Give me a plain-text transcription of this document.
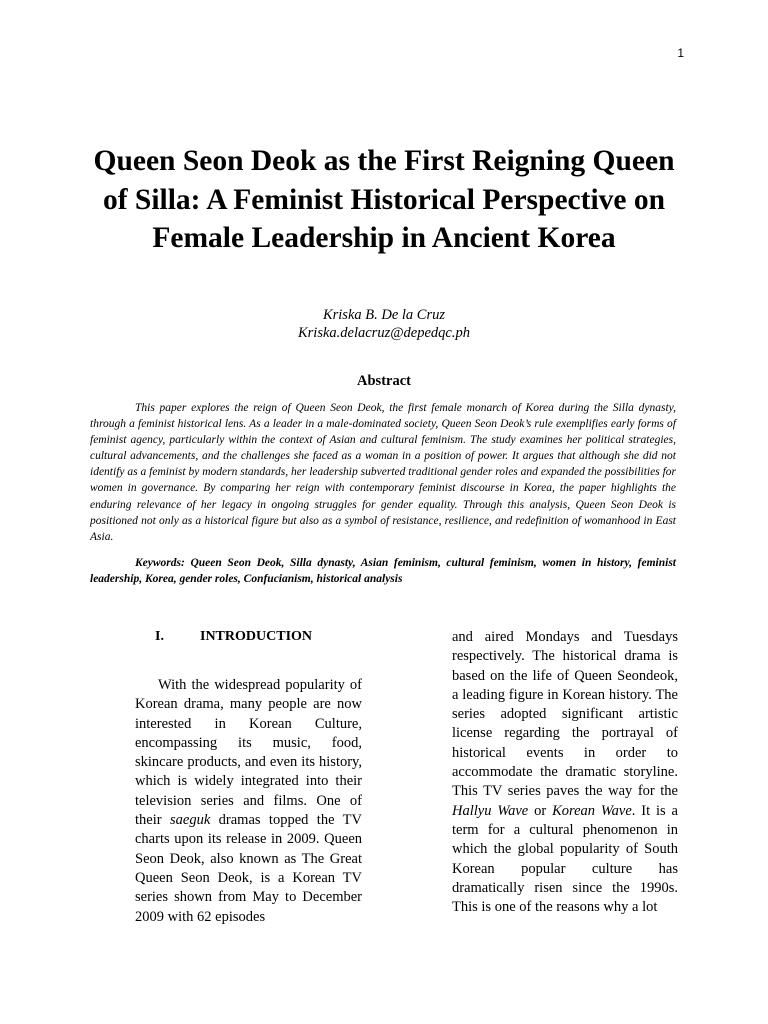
1
Queen Seon Deok as the First Reigning Queen of Silla: A Feminist Historical Perspective on Female Leadership in Ancient Korea
Kriska B. De la Cruz
Kriska.delacruz@depedqc.ph
Abstract

This paper explores the reign of Queen Seon Deok, the first female monarch of Korea during the Silla dynasty, through a feminist historical lens. As a leader in a male-dominated society, Queen Seon Deok’s rule exemplifies early forms of feminist agency, particularly within the context of Asian and cultural feminism. The study examines her political strategies, cultural advancements, and the challenges she faced as a woman in a position of power. It argues that although she did not identify as a feminist by modern standards, her leadership subverted traditional gender roles and expanded the possibilities for women in governance. By comparing her reign with contemporary feminist discourse in Korea, the paper highlights the enduring relevance of her legacy in ongoing struggles for gender equality. Through this analysis, Queen Seon Deok is positioned not only as a historical figure but also as a symbol of resistance, resilience, and redefinition of womanhood in East Asia.

Keywords: Queen Seon Deok, Silla dynasty, Asian feminism, cultural feminism, women in history, feminist leadership, Korea, gender roles, Confucianism, historical analysis

I.	INTRODUCTION

With the widespread popularity of Korean drama, many people are now interested in Korean Culture, encompassing its music, food, skincare products, and even its history, which is widely integrated into their television series and films. One of their saeguk dramas topped the TV charts upon its release in 2009. Queen Seon Deok, also known as The Great Queen Seon Deok, is a Korean TV series shown from May to December 2009 with 62 episodes

and aired Mondays and Tuesdays respectively. The historical drama is based on the life of Queen Seondeok, a leading figure in Korean history. The series adopted significant artistic license regarding the portrayal of historical events in order to accommodate the dramatic storyline. This TV series paves the way for the Hallyu Wave or Korean Wave. It is a term for a cultural phenomenon in which the global popularity of South Korean popular culture has dramatically risen since the 1990s. This is one of the reasons why a lot
